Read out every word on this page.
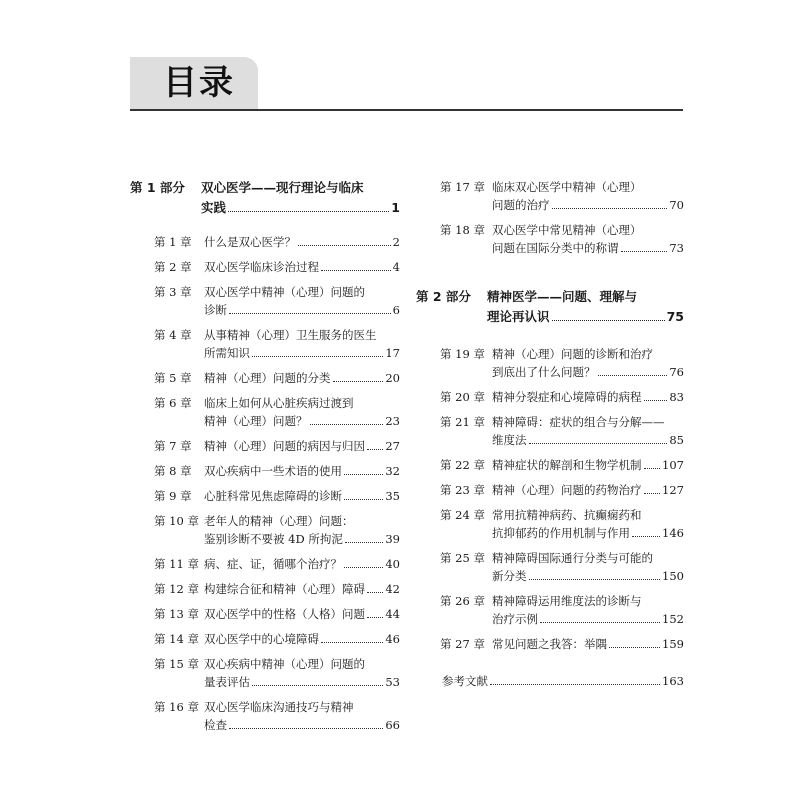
目录
第 1 部分 双心医学——现行理论与临床
实践	1
第 1 章 什么是双心医学？	2
第 2 章 双心医学临床诊治过程	4
第 3 章 双心医学中精神（心理）问题的
诊断	6
第 4 章 从事精神（心理）卫生服务的医生
所需知识	17
第 5 章 精神（心理）问题的分类	20
第 6 章 临床上如何从心脏疾病过渡到
精神（心理）问题？	23
第 7 章 精神（心理）问题的病因与归因 27
第 8 章 双心疾病中一些术语的使用	32
第 9 章 心脏科常见焦虑障碍的诊断	35
第 10 章 老年人的精神（心理）问题：
鉴别诊断不要被 4D 所拘泥	39
第 11 章 病、症、证，循哪个治疗？	40
第 12 章 构建综合征和精神（心理）障碍 42
第 13 章 双心医学中的性格（人格）问题 44
第 14 章 双心医学中的心境障碍	46
第 15 章 双心疾病中精神（心理）问题的
量表评估	53
第 16 章 双心医学临床沟通技巧与精神
检查	66
第 17 章 临床双心医学中精神（心理）
问题的治疗	70
第 18 章 双心医学中常见精神（心理）
问题在国际分类中的称谓	73
第 2 部分 精神医学——问题、理解与
理论再认识	75
第 19 章 精神（心理）问题的诊断和治疗
到底出了什么问题？	76
第 20 章 精神分裂症和心境障碍的病程 83
第 21 章 精神障碍：症状的组合与分解——
维度法	85
第 22 章 精神症状的解剖和生物学机制 107
第 23 章 精神（心理）问题的药物治疗 127
第 24 章 常用抗精神病药、抗癫痫药和
抗抑郁药的作用机制与作用	146
第 25 章 精神障碍国际通行分类与可能的
新分类	150
第 26 章 精神障碍运用维度法的诊断与
治疗示例	152
第 27 章 常见问题之我答：举隅	159
参考文献	163
